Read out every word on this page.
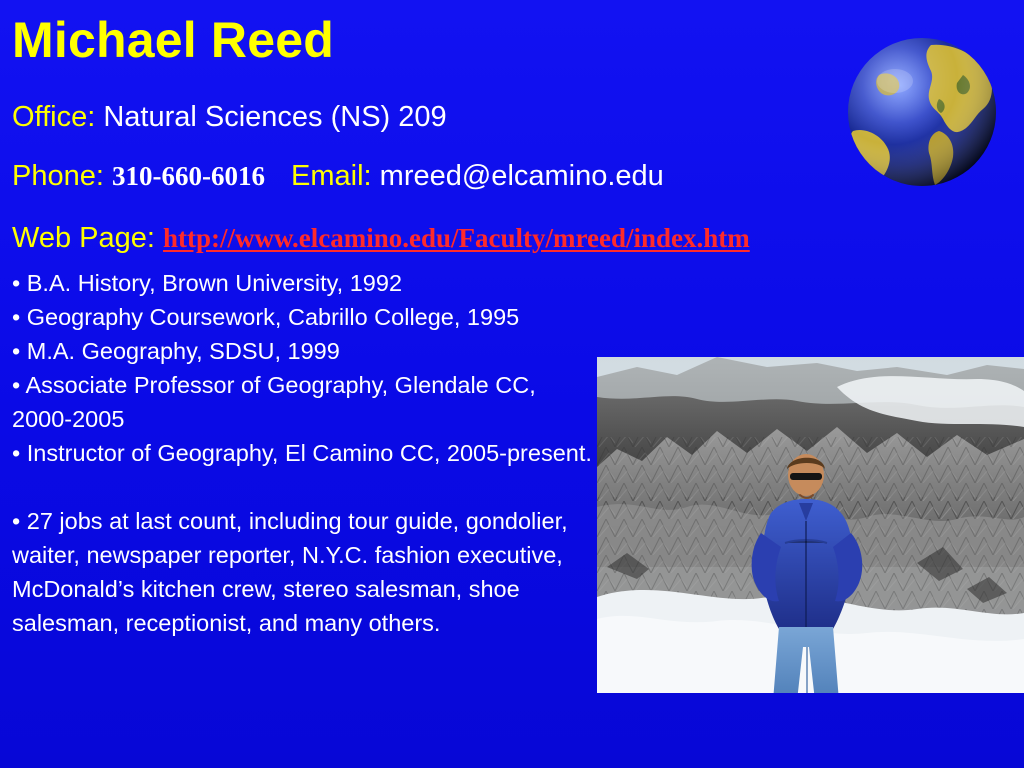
Michael Reed
Office: Natural Sciences (NS) 209
Phone: 310-660-6016 Email: mreed@elcamino.edu
Web Page: http://www.elcamino.edu/Faculty/mreed/index.htm
• B.A. History, Brown University, 1992
• Geography Coursework, Cabrillo College, 1995
• M.A. Geography, SDSU, 1999
• Associate Professor of Geography, Glendale CC, 2000-2005
• Instructor of Geography, El Camino CC, 2005-present.
• 27 jobs at last count, including tour guide, gondolier, waiter, newspaper reporter, N.Y.C. fashion executive, McDonald’s kitchen crew, stereo salesman, shoe salesman, receptionist, and many others.
